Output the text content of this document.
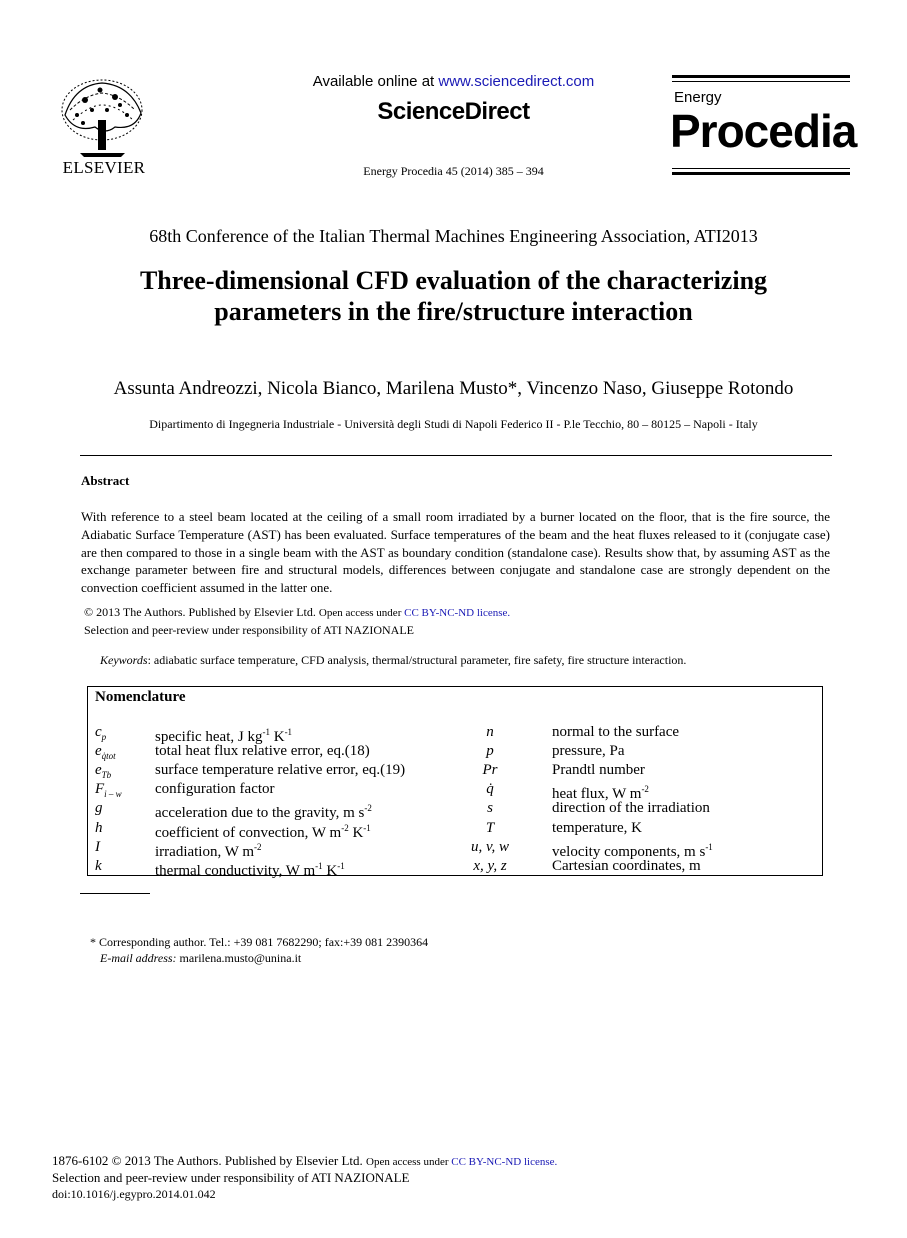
ELSEVIER
Available online at www.sciencedirect.com
ScienceDirect
Energy Procedia 45 (2014) 385 – 394
Energy
Procedia
68th Conference of the Italian Thermal Machines Engineering Association, ATI2013
Three-dimensional CFD evaluation of the characterizing
parameters in the fire/structure interaction
Assunta Andreozzi, Nicola Bianco, Marilena Musto*, Vincenzo Naso, Giuseppe Rotondo
Dipartimento di Ingegneria Industriale - Università degli Studi di Napoli Federico II - P.le Tecchio, 80 – 80125 – Napoli - Italy
Abstract
With reference to a steel beam located at the ceiling of a small room irradiated by a burner located on the floor, that is the fire source, the Adiabatic Surface Temperature (AST) has been evaluated. Surface temperatures of the beam and the heat fluxes released to it (conjugate case) are then compared to those in a single beam with the AST as boundary condition (standalone case). Results show that, by assuming AST as the exchange parameter between fire and structural models, differences between conjugate and standalone case are strongly dependent on the convection coefficient assumed in the latter one.
© 2013 The Authors. Published by Elsevier Ltd. Open access under CC BY-NC-ND license.
Selection and peer-review under responsibility of ATI NAZIONALE
Keywords: adiabatic surface temperature, CFD analysis, thermal/structural parameter, fire safety, fire structure interaction.
Nomenclature
$c_p$	specific heat, J $kg^{-1}$ $K^{-1}$
$e_{q̇tot}$	total heat flux relative error, eq.(18)
$e_{Tb}$	surface temperature relative error, eq.(19)
$F_{i - w}$ configuration factor
g	acceleration due to the gravity, m $s^{-2}$
h	coefficient of convection, W $m^{-2}$ $K^{-1}$
I	irradiation, W $m^{-2}$
k	thermal conductivity, W $m^{-1}$ $K^{-1}$
n	normal to the surface
p	pressure, Pa
Pr	Prandtl number
q̇	heat flux, W $m^{-2}$
s	direction of the irradiation
T	temperature, K
u, v, w	velocity components, m $s^{-1}$
x, y, z	Cartesian coordinates, m
* Corresponding author. Tel.: +39 081 7682290; fax:+39 081 2390364
E-mail address: marilena.musto@unina.it
1876-6102 © 2013 The Authors. Published by Elsevier Ltd. Open access under CC BY-NC-ND license.
Selection and peer-review under responsibility of ATI NAZIONALE
doi:10.1016/j.egypro.2014.01.042
